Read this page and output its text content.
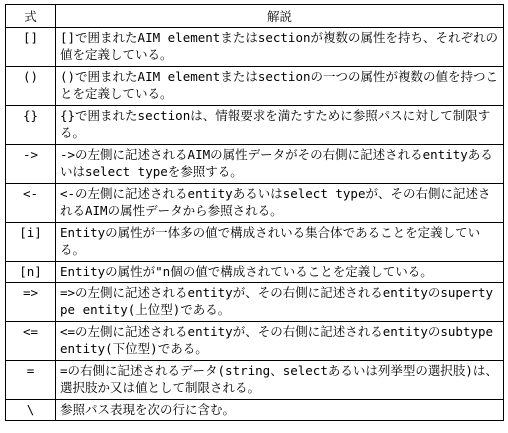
式	解説
[]	[]で囲まれたAIM elementまたはsectionが複数の属性を持ち、それぞれの値を定義している。
()	()で囲まれたAIM elementまたはsectionの一つの属性が複数の値を持つことを定義している。
{}	{}で囲まれたsectionは、情報要求を満たすために参照パスに対して制限する。
->	->の左側に記述されるAIMの属性データがその右側に記述されるentityあるいはselect typeを参照する。
<-	<-の左側に記述されるentityあるいはselect typeが、その右側に記述されるAIMの属性データから参照される。
[i]	Entityの属性が一体多の値で構成されいる集合体であることを定義している。
[n]	Entityの属性が"n個の値で構成されていることを定義している。
=>	=>の左側に記述されるentityが、その右側に記述されるentityのsupertype entity(上位型)である。
<=	<=の左側に記述されるentityが、その右側に記述されるentityのsubtype entity(下位型)である。
=	=の右側に記述されるデータ(string、selectあるいは列挙型の選択肢)は、選択肢か又は値として制限される。
\	参照パス表現を次の行に含む。
